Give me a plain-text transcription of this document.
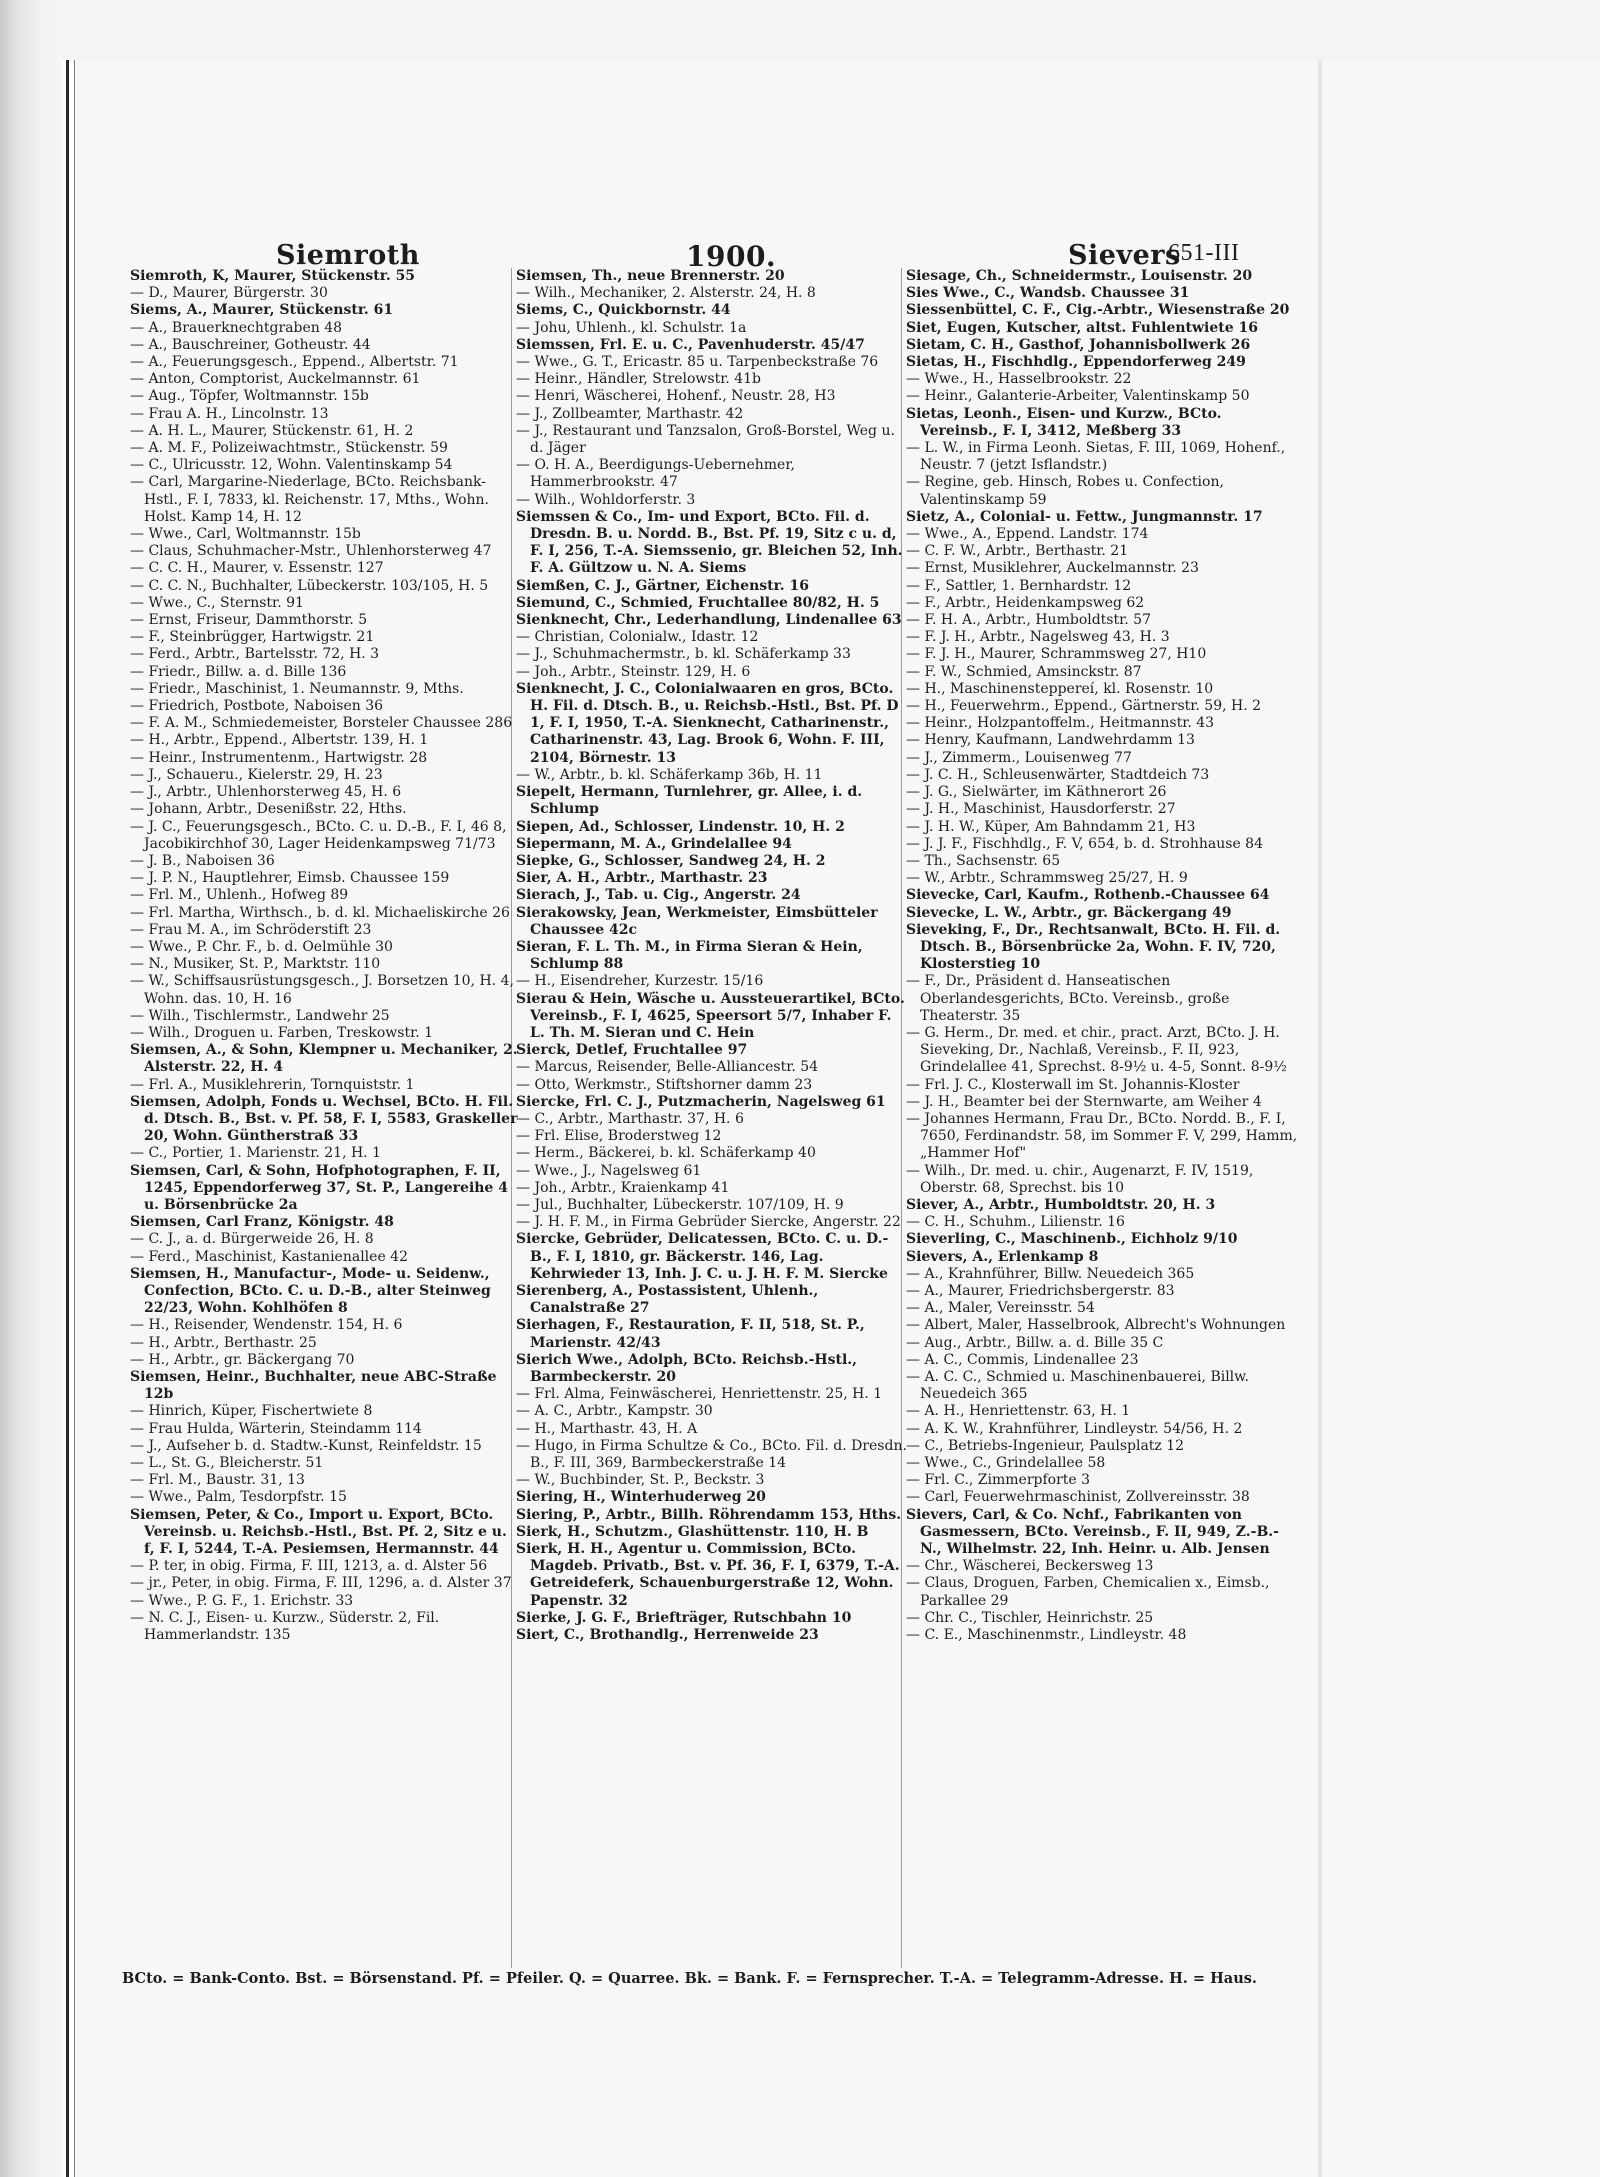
Siemroth	1900.	Sievers
651-III

Siemroth, K, Maurer, Stückenstr. 55

— D., Maurer, Bürgerstr. 30

Siems, A., Maurer, Stückenstr. 61

— A., Brauerknechtgraben 48

— A., Bauschreiner, Gotheustr. 44

— A., Feuerungsgesch., Eppend., Albertstr. 71

— Anton, Comptorist, Auckelmannstr. 61

— Aug., Töpfer, Woltmannstr. 15b

— Frau A. H., Lincolnstr. 13

— A. H. L., Maurer, Stückenstr. 61, H. 2

— A. M. F., Polizeiwachtmstr., Stückenstr. 59

— C., Ulricusstr. 12, Wohn. Valentinskamp 54

— Carl, Margarine-Niederlage, BCto. Reichsbank-Hstl., F. I, 7833, kl. Reichenstr. 17, Mths., Wohn. Holst. Kamp 14, H. 12

— Wwe., Carl, Woltmannstr. 15b

— Claus, Schuhmacher-Mstr., Uhlenhorsterweg 47

— C. C. H., Maurer, v. Essenstr. 127

— C. C. N., Buchhalter, Lübeckerstr. 103/105, H. 5

— Wwe., C., Sternstr. 91

— Ernst, Friseur, Dammthorstr. 5

— F., Steinbrügger, Hartwigstr. 21

— Ferd., Arbtr., Bartelsstr. 72, H. 3

— Friedr., Billw. a. d. Bille 136

— Friedr., Maschinist, 1. Neumannstr. 9, Mths.

— Friedrich, Postbote, Naboisen 36

— F. A. M., Schmiedemeister, Borsteler Chaussee 286

— H., Arbtr., Eppend., Albertstr. 139, H. 1

— Heinr., Instrumentenm., Hartwigstr. 28

— J., Schaueru., Kielerstr. 29, H. 23

— J., Arbtr., Uhlenhorsterweg 45, H. 6

— Johann, Arbtr., Desenißstr. 22, Hths.

— J. C., Feuerungsgesch., BCto. C. u. D.-B., F. I, 46 8, Jacobikirchhof 30, Lager Heidenkampsweg 71/73

— J. B., Naboisen 36

— J. P. N., Hauptlehrer, Eimsb. Chaussee 159

— Frl. M., Uhlenh., Hofweg 89

— Frl. Martha, Wirthsch., b. d. kl. Michaeliskirche 26

— Frau M. A., im Schröderstift 23

— Wwe., P. Chr. F., b. d. Oelmühle 30

— N., Musiker, St. P., Marktstr. 110

— W., Schiffsausrüstungsgesch., J. Borsetzen 10, H. 4, Wohn. das. 10, H. 16

— Wilh., Tischlermstr., Landwehr 25

— Wilh., Droguen u. Farben, Treskowstr. 1

Siemsen, A., & Sohn, Klempner u. Mechaniker, 2. Alsterstr. 22, H. 4

— Frl. A., Musiklehrerin, Tornquiststr. 1

Siemsen, Adolph, Fonds u. Wechsel, BCto. H. Fil. d. Dtsch. B., Bst. v. Pf. 58, F. I, 5583, Graskeller 20, Wohn. Güntherstraß 33

— C., Portier, 1. Marienstr. 21, H. 1

Siemsen, Carl, & Sohn, Hofphotographen, F. II, 1245, Eppendorferweg 37, St. P., Langereihe 4 u. Börsenbrücke 2a

Siemsen, Carl Franz, Königstr. 48

— C. J., a. d. Bürgerweide 26, H. 8

— Ferd., Maschinist, Kastanienallee 42

Siemsen, H., Manufactur-, Mode- u. Seidenw., Confection, BCto. C. u. D.-B., alter Steinweg 22/23, Wohn. Kohlhöfen 8

— H., Reisender, Wendenstr. 154, H. 6

— H., Arbtr., Berthastr. 25

— H., Arbtr., gr. Bäckergang 70

Siemsen, Heinr., Buchhalter, neue ABC-Straße 12b

— Hinrich, Küper, Fischertwiete 8

— Frau Hulda, Wärterin, Steindamm 114

— J., Aufseher b. d. Stadtw.-Kunst, Reinfeldstr. 15

— L., St. G., Bleicherstr. 51

— Frl. M., Baustr. 31, 13

— Wwe., Palm, Tesdorpfstr. 15

Siemsen, Peter, & Co., Import u. Export, BCto. Vereinsb. u. Reichsb.-Hstl., Bst. Pf. 2, Sitz e u. f, F. I, 5244, T.-A. Pesiemsen, Hermannstr. 44

— P. ter, in obig. Firma, F. III, 1213, a. d. Alster 56

— jr., Peter, in obig. Firma, F. III, 1296, a. d. Alster 37

— Wwe., P. G. F., 1. Erichstr. 33

— N. C. J., Eisen- u. Kurzw., Süderstr. 2, Fil. Hammerlandstr. 135

Siemsen, Th., neue Brennerstr. 20

— Wilh., Mechaniker, 2. Alsterstr. 24, H. 8

Siems, C., Quickbornstr. 44

— Johu, Uhlenh., kl. Schulstr. 1a

Siemssen, Frl. E. u. C., Pavenhuderstr. 45/47

— Wwe., G. T., Ericastr. 85 u. Tarpenbeckstraße 76

— Heinr., Händler, Strelowstr. 41b

— Henri, Wäscherei, Hohenf., Neustr. 28, H3

— J., Zollbeamter, Marthastr. 42

— J., Restaurant und Tanzsalon, Groß-Borstel, Weg u. d. Jäger

— O. H. A., Beerdigungs-Uebernehmer, Hammerbrookstr. 47

— Wilh., Wohldorferstr. 3

Siemssen & Co., Im- und Export, BCto. Fil. d. Dresdn. B. u. Nordd. B., Bst. Pf. 19, Sitz c u. d, F. I, 256, T.-A. Siemssenio, gr. Bleichen 52, Inh. F. A. Gültzow u. N. A. Siems

Siemßen, C. J., Gärtner, Eichenstr. 16

Siemund, C., Schmied, Fruchtallee 80/82, H. 5

Sienknecht, Chr., Lederhandlung, Lindenallee 63

— Christian, Colonialw., Idastr. 12

— J., Schuhmachermstr., b. kl. Schäferkamp 33

— Joh., Arbtr., Steinstr. 129, H. 6

Sienknecht, J. C., Colonialwaaren en gros, BCto. H. Fil. d. Dtsch. B., u. Reichsb.-Hstl., Bst. Pf. D 1, F. I, 1950, T.-A. Sienknecht, Catharinenstr., Catharinenstr. 43, Lag. Brook 6, Wohn. F. III, 2104, Börnestr. 13

— W., Arbtr., b. kl. Schäferkamp 36b, H. 11

Siepelt, Hermann, Turnlehrer, gr. Allee, i. d. Schlump

Siepen, Ad., Schlosser, Lindenstr. 10, H. 2

Siepermann, M. A., Grindelallee 94

Siepke, G., Schlosser, Sandweg 24, H. 2

Sier, A. H., Arbtr., Marthastr. 23

Sierach, J., Tab. u. Cig., Angerstr. 24

Sierakowsky, Jean, Werkmeister, Eimsbütteler Chaussee 42c

Sieran, F. L. Th. M., in Firma Sieran & Hein, Schlump 88

— H., Eisendreher, Kurzestr. 15/16

Sierau & Hein, Wäsche u. Aussteuerartikel, BCto. Vereinsb., F. I, 4625, Speersort 5/7, Inhaber F. L. Th. M. Sieran und C. Hein

Sierck, Detlef, Fruchtallee 97

— Marcus, Reisender, Belle-Alliancestr. 54

— Otto, Werkmstr., Stiftshorner damm 23

Siercke, Frl. C. J., Putzmacherin, Nagelsweg 61

— C., Arbtr., Marthastr. 37, H. 6

— Frl. Elise, Broderstweg 12

— Herm., Bäckerei, b. kl. Schäferkamp 40

— Wwe., J., Nagelsweg 61

— Joh., Arbtr., Kraienkamp 41

— Jul., Buchhalter, Lübeckerstr. 107/109, H. 9

— J. H. F. M., in Firma Gebrüder Siercke, Angerstr. 22

Siercke, Gebrüder, Delicatessen, BCto. C. u. D.-B., F. I, 1810, gr. Bäckerstr. 146, Lag. Kehrwieder 13, Inh. J. C. u. J. H. F. M. Siercke

Sierenberg, A., Postassistent, Uhlenh., Canalstraße 27

Sierhagen, F., Restauration, F. II, 518, St. P., Marienstr. 42/43

Sierich Wwe., Adolph, BCto. Reichsb.-Hstl., Barmbeckerstr. 20

— Frl. Alma, Feinwäscherei, Henriettenstr. 25, H. 1

— A. C., Arbtr., Kampstr. 30

— H., Marthastr. 43, H. A

— Hugo, in Firma Schultze & Co., BCto. Fil. d. Dresdn. B., F. III, 369, Barmbeckerstraße 14

— W., Buchbinder, St. P., Beckstr. 3

Siering, H., Winterhuderweg 20

Siering, P., Arbtr., Billh. Röhrendamm 153, Hths.

Sierk, H., Schutzm., Glashüttenstr. 110, H. B

Sierk, H. H., Agentur u. Commission, BCto. Magdeb. Privatb., Bst. v. Pf. 36, F. I, 6379, T.-A. Getreideferk, Schauenburgerstraße 12, Wohn. Papenstr. 32

Sierke, J. G. F., Briefträger, Rutschbahn 10

Siert, C., Brothandlg., Herrenweide 23

Siesage, Ch., Schneidermstr., Louisenstr. 20

Sies Wwe., C., Wandsb. Chaussee 31

Siessenbüttel, C. F., Cig.-Arbtr., Wiesenstraße 20

Siet, Eugen, Kutscher, altst. Fuhlentwiete 16

Sietam, C. H., Gasthof, Johannisbollwerk 26

Sietas, H., Fischhdlg., Eppendorferweg 249

— Wwe., H., Hasselbrookstr. 22

— Heinr., Galanterie-Arbeiter, Valentinskamp 50

Sietas, Leonh., Eisen- und Kurzw., BCto. Vereinsb., F. I, 3412, Meßberg 33

— L. W., in Firma Leonh. Sietas, F. III, 1069, Hohenf., Neustr. 7 (jetzt Isflandstr.)

— Regine, geb. Hinsch, Robes u. Confection, Valentinskamp 59

Sietz, A., Colonial- u. Fettw., Jungmannstr. 17

— Wwe., A., Eppend. Landstr. 174

— C. F. W., Arbtr., Berthastr. 21

— Ernst, Musiklehrer, Auckelmannstr. 23

— F., Sattler, 1. Bernhardstr. 12

— F., Arbtr., Heidenkampsweg 62

— F. H. A., Arbtr., Humboldtstr. 57

— F. J. H., Arbtr., Nagelsweg 43, H. 3

— F. J. H., Maurer, Schrammsweg 27, H10

— F. W., Schmied, Amsinckstr. 87

— H., Maschinensteppereí, kl. Rosenstr. 10

— H., Feuerwehrm., Eppend., Gärtnerstr. 59, H. 2

— Heinr., Holzpantoffelm., Heitmannstr. 43

— Henry, Kaufmann, Landwehrdamm 13

— J., Zimmerm., Louisenweg 77

— J. C. H., Schleusenwärter, Stadtdeich 73

— J. G., Sielwärter, im Käthnerort 26

— J. H., Maschinist, Hausdorferstr. 27

— J. H. W., Küper, Am Bahndamm 21, H3

— J. J. F., Fischhdlg., F. V, 654, b. d. Strohhause 84

— Th., Sachsenstr. 65

— W., Arbtr., Schrammsweg 25/27, H. 9

Sievecke, Carl, Kaufm., Rothenb.-Chaussee 64

Sievecke, L. W., Arbtr., gr. Bäckergang 49

Sieveking, F., Dr., Rechtsanwalt, BCto. H. Fil. d. Dtsch. B., Börsenbrücke 2a, Wohn. F. IV, 720, Klosterstieg 10

— F., Dr., Präsident d. Hanseatischen Oberlandesgerichts, BCto. Vereinsb., große Theaterstr. 35

— G. Herm., Dr. med. et chir., pract. Arzt, BCto. J. H. Sieveking, Dr., Nachlaß, Vereinsb., F. II, 923, Grindelallee 41, Sprechst. 8-9½ u. 4-5, Sonnt. 8-9½

— Frl. J. C., Klosterwall im St. Johannis-Kloster

— J. H., Beamter bei der Sternwarte, am Weiher 4

— Johannes Hermann, Frau Dr., BCto. Nordd. B., F. I, 7650, Ferdinandstr. 58, im Sommer F. V, 299, Hamm, „Hammer Hof"

— Wilh., Dr. med. u. chir., Augenarzt, F. IV, 1519, Oberstr. 68, Sprechst. bis 10

Siever, A., Arbtr., Humboldtstr. 20, H. 3

— C. H., Schuhm., Lilienstr. 16

Sieverling, C., Maschinenb., Eichholz 9/10

Sievers, A., Erlenkamp 8

— A., Krahnführer, Billw. Neuedeich 365

— A., Maurer, Friedrichsbergerstr. 83

— A., Maler, Vereinsstr. 54

— Albert, Maler, Hasselbrook, Albrecht's Wohnungen

— Aug., Arbtr., Billw. a. d. Bille 35 C

— A. C., Commis, Lindenallee 23

— A. C. C., Schmied u. Maschinenbauerei, Billw. Neuedeich 365

— A. H., Henriettenstr. 63, H. 1

— A. K. W., Krahnführer, Lindleystr. 54/56, H. 2

— C., Betriebs-Ingenieur, Paulsplatz 12

— Wwe., C., Grindelallee 58

— Frl. C., Zimmerpforte 3

— Carl, Feuerwehrmaschinist, Zollvereinsstr. 38

Sievers, Carl, & Co. Nchf., Fabrikanten von Gasmessern, BCto. Vereinsb., F. II, 949, Z.-B.-N., Wilhelmstr. 22, Inh. Heinr. u. Alb. Jensen

— Chr., Wäscherei, Beckersweg 13

— Claus, Droguen, Farben, Chemicalien x., Eimsb., Parkallee 29

— Chr. C., Tischler, Heinrichstr. 25

— C. E., Maschinenmstr., Lindleystr. 48

BCto. = Bank-Conto. Bst. = Börsenstand. Pf. = Pfeiler. Q. = Quarree. Bk. = Bank. F. = Fernsprecher. T.-A. = Telegramm-Adresse. H. = Haus.
